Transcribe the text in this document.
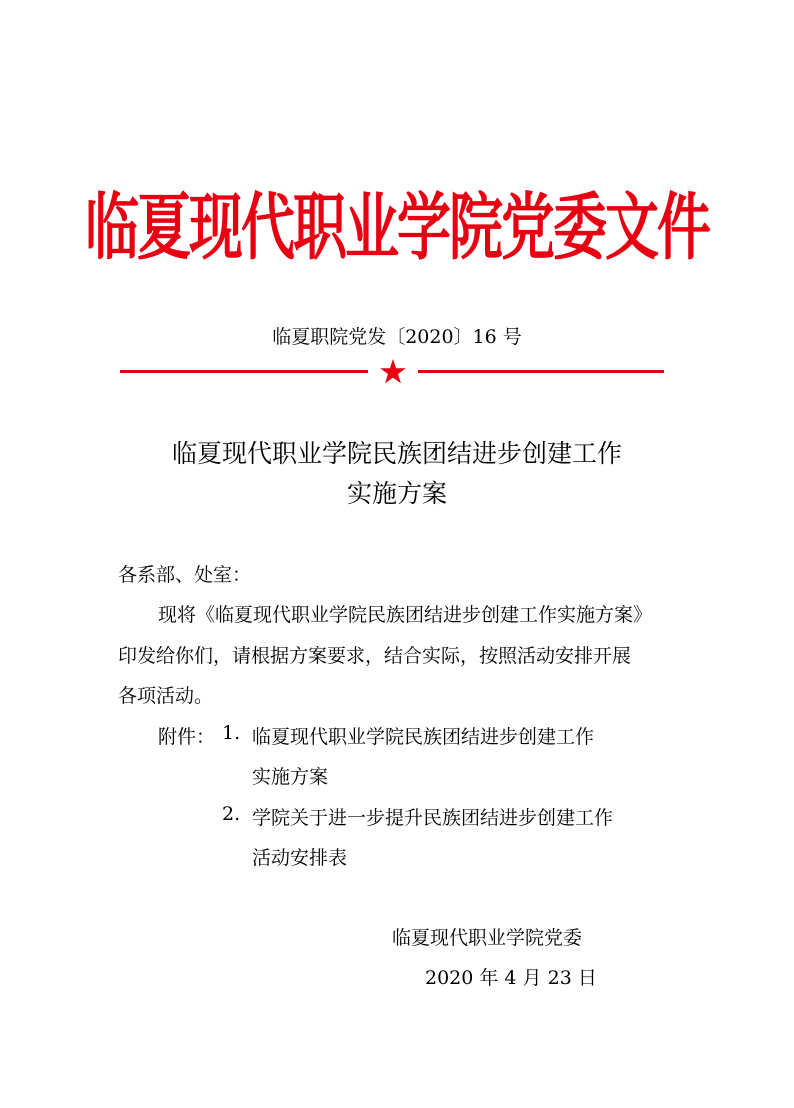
临夏现代职业学院党委文件
临夏职院党发〔2020〕16 号
临夏现代职业学院民族团结进步创建工作
实施方案
各系部、处室：
现将《临夏现代职业学院民族团结进步创建工作实施方案》
印发给你们，请根据方案要求，结合实际，按照活动安排开展
各项活动。
附件： 1. 临夏现代职业学院民族团结进步创建工作
实施方案
2. 学院关于进一步提升民族团结进步创建工作
活动安排表
临夏现代职业学院党委
2020 年 4 月 23 日
